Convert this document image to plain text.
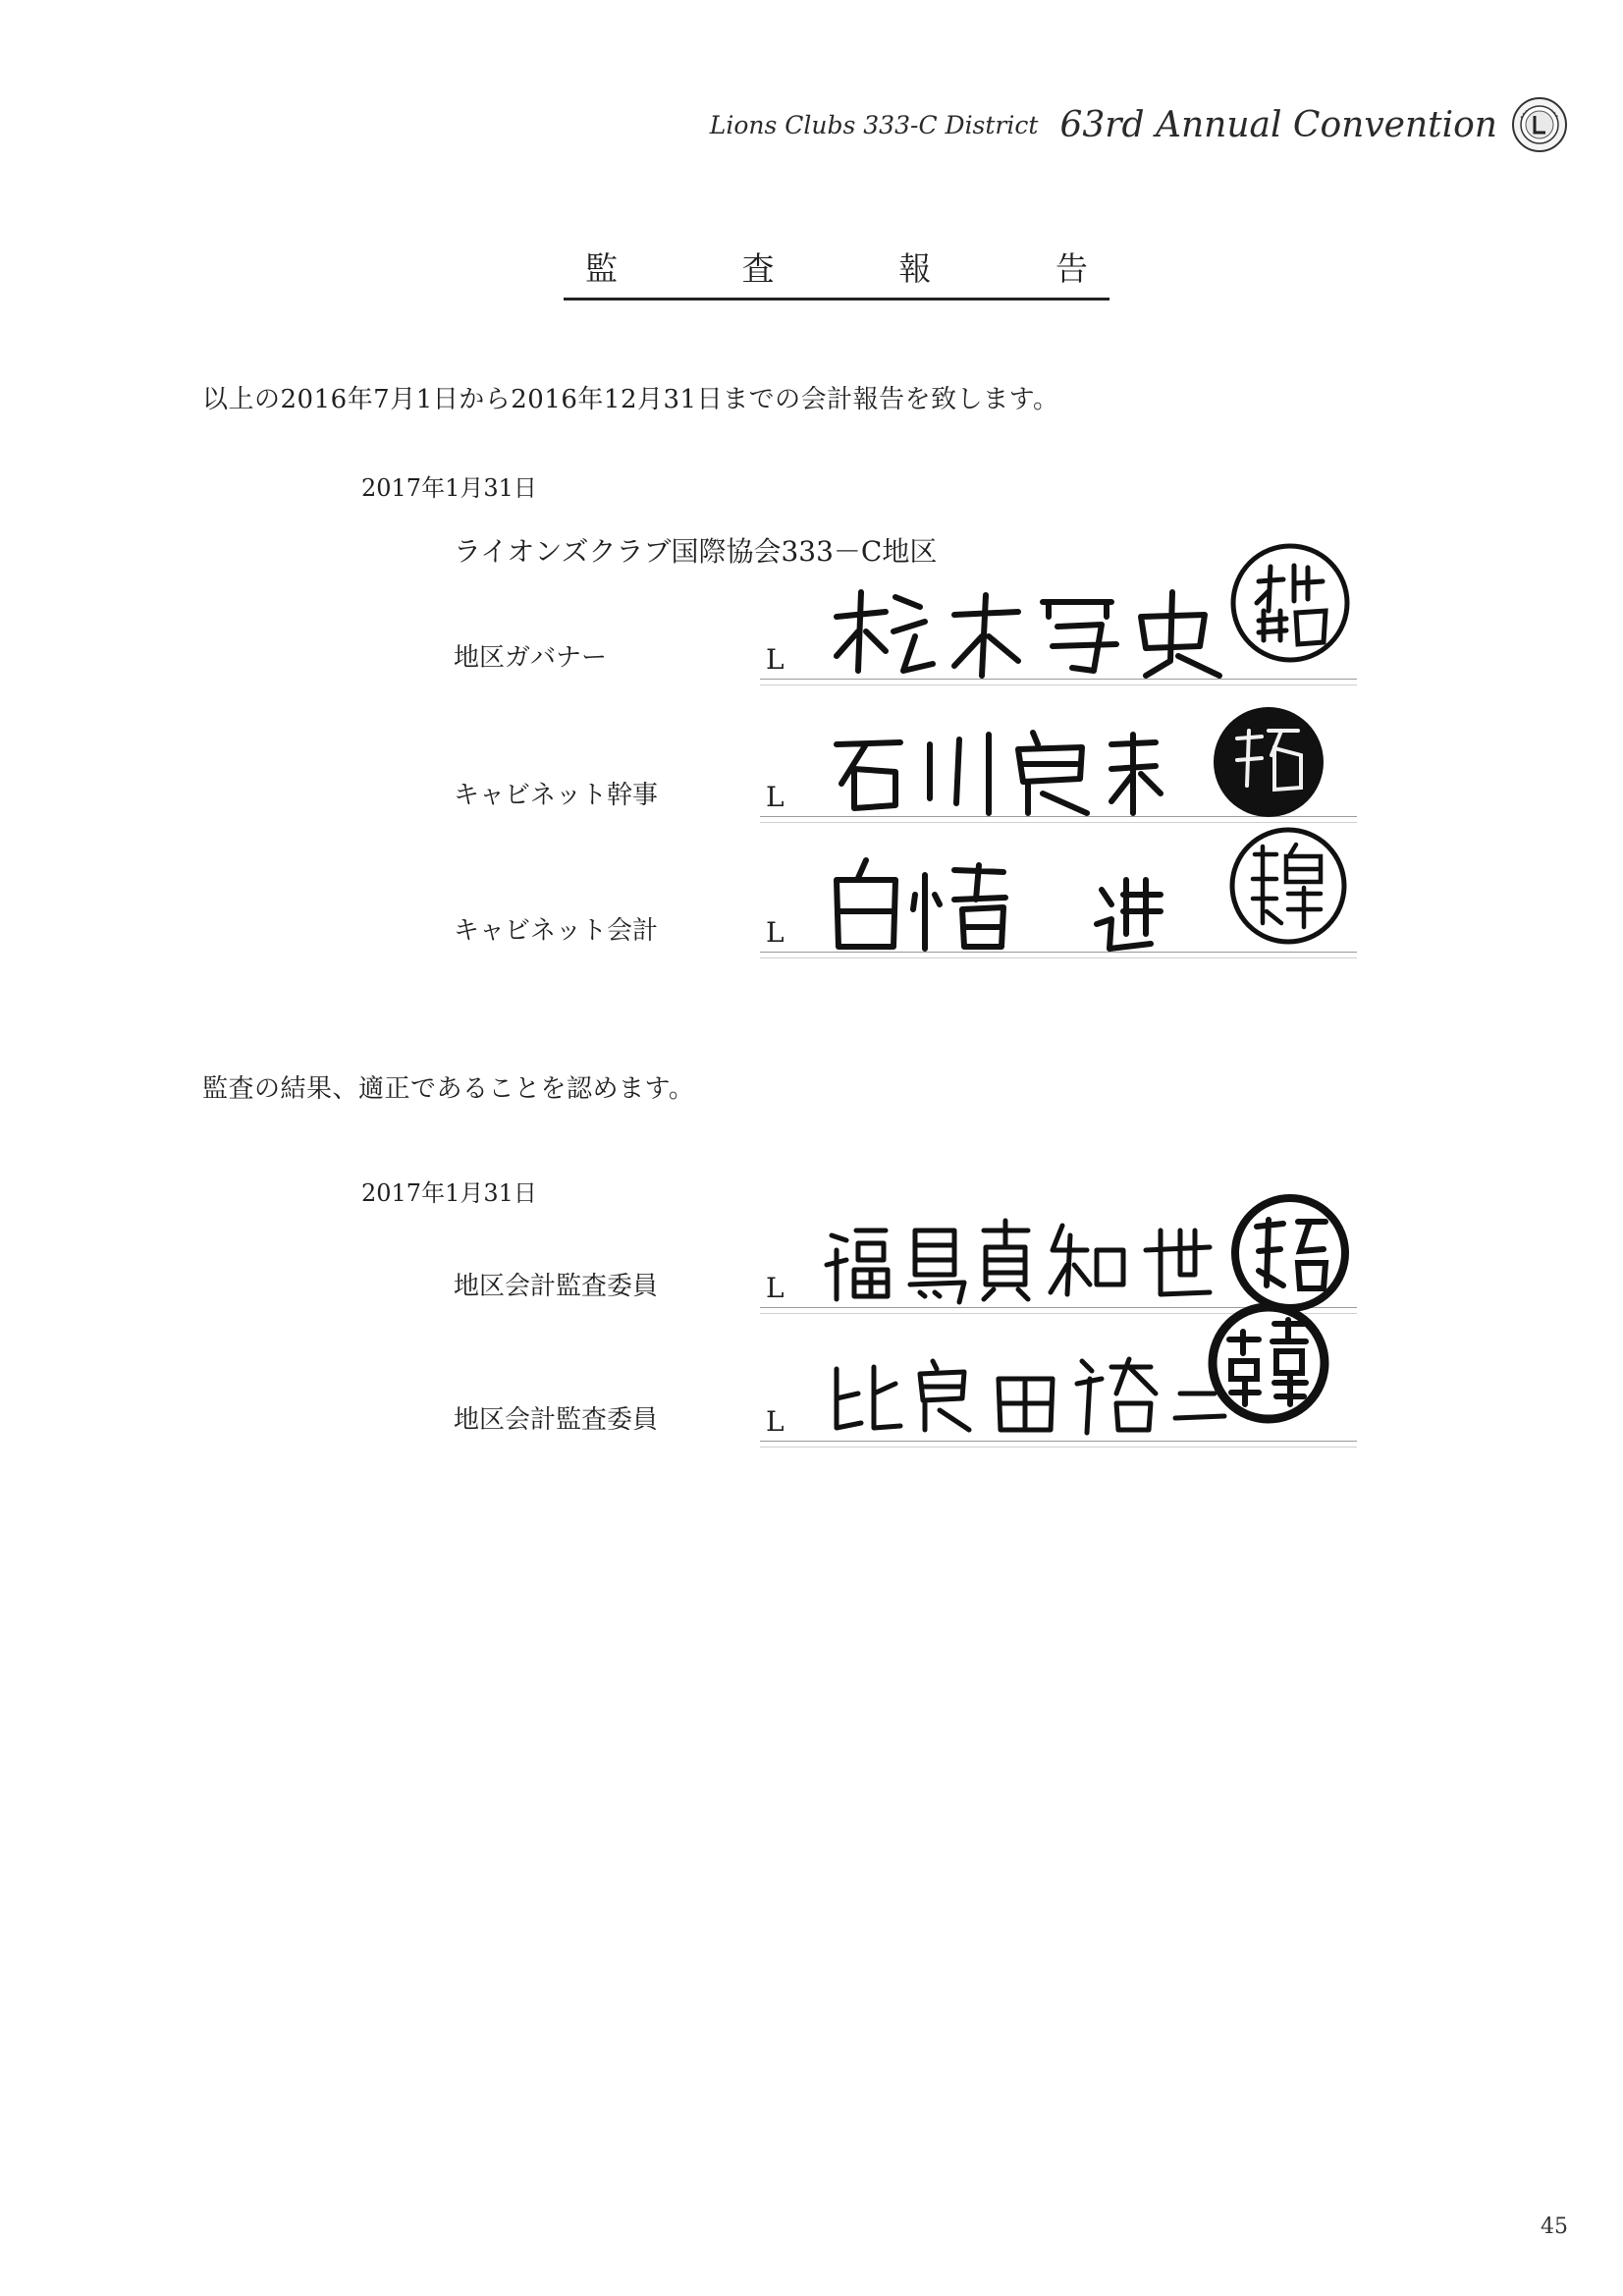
Lions Clubs 333-C District 63rd Annual Convention
監	査	報	告
以上の2016年7月1日から2016年12月31日までの会計報告を致します。
2017年1月31日
ライオンズクラブ国際協会333－C地区
地区ガバナー	L
キャビネット幹事	L
キャビネット会計	L
監査の結果、適正であることを認めます。
2017年1月31日
地区会計監査委員	L
地区会計監査委員	L
45
